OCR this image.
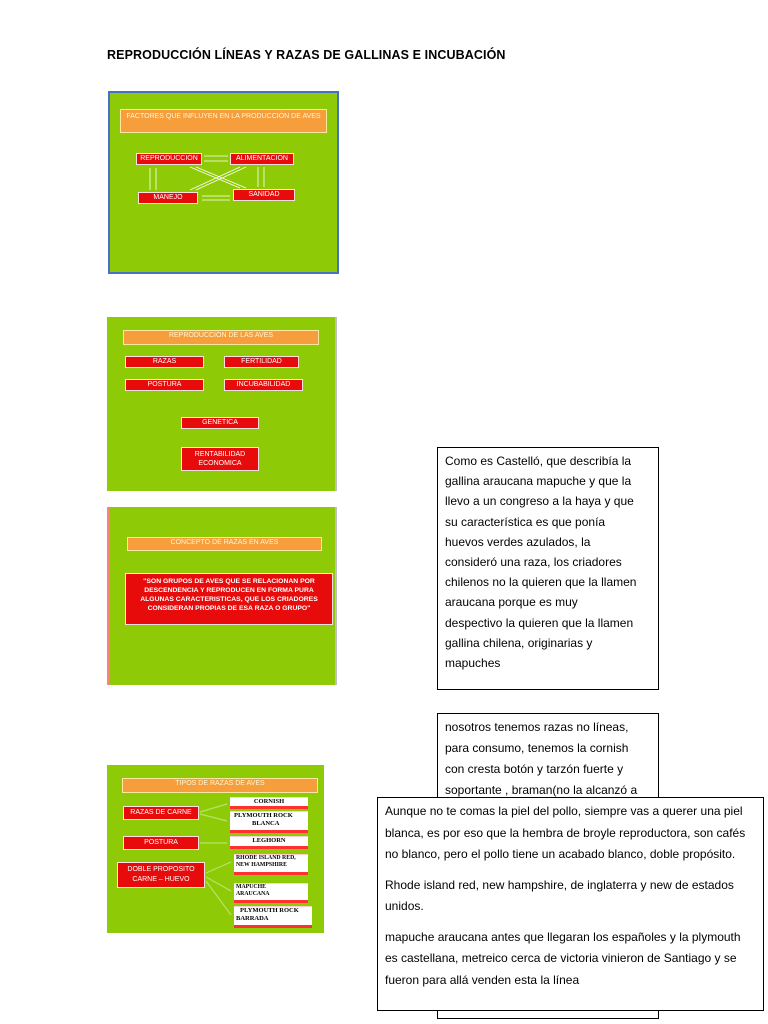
REPRODUCCIÓN LÍNEAS Y RAZAS DE GALLINAS E INCUBACIÓN
FACTORES QUE INFLUYEN EN LA PRODUCCIÓN DE AVES
REPRODUCCIÓN	ALIMENTACIÓN
MANEJO	SANIDAD
REPRODUCCIÓN DE LAS AVES
RAZAS	FERTILIDAD
POSTURA	INCUBABILIDAD
GENETICA
RENTABILIDAD
ECONOMICA
CONCEPTO DE RAZAS EN AVES
"SON GRUPOS DE AVES QUE SE RELACIONAN POR DESCENDENCIA Y REPRODUCEN EN FORMA PURA ALGUNAS CARACTERISTICAS, QUE LOS CRIADORES CONSIDERAN PROPIAS DE ESA RAZA O GRUPO"
TIPOS DE RAZAS DE AVES
RAZAS DE CARNE
POSTURA
DOBLE PROPOSITO
CARNE – HUEVO
CORNISH
PLYMOUTH ROCK
BLANCA
LEGHORN
RHODE ISLAND RED,
NEW HAMPSHIRE
MAPUCHE
ARAUCANA
PLYMOUTH ROCK
BARRADA
Como es Castelló, que describía la
gallina araucana mapuche y que la
llevo a un congreso a la haya y que
su característica es que ponía
huevos verdes azulados, la
consideró una raza, los criadores
chilenos no la quieren que la llamen
araucana porque es muy
despectivo la quieren que la llamen
gallina chilena, originarias y
mapuches
nosotros tenemos razas no líneas,
para consumo, tenemos la cornish
con cresta botón y tarzón fuerte y
soportante , braman(no la alcanzó a

Aunque no te comas la piel del pollo, siempre vas a querer una piel blanca, es por eso que la hembra de broyle reproductora, son cafés no blanco, pero el pollo tiene un acabado blanco, doble propósito.

Rhode island red, new hampshire, de inglaterra y new de estados unidos.

mapuche araucana antes que llegaran los españoles y la plymouth es castellana, metreico cerca de victoria vinieron de Santiago y se fueron para allá venden esta la línea
